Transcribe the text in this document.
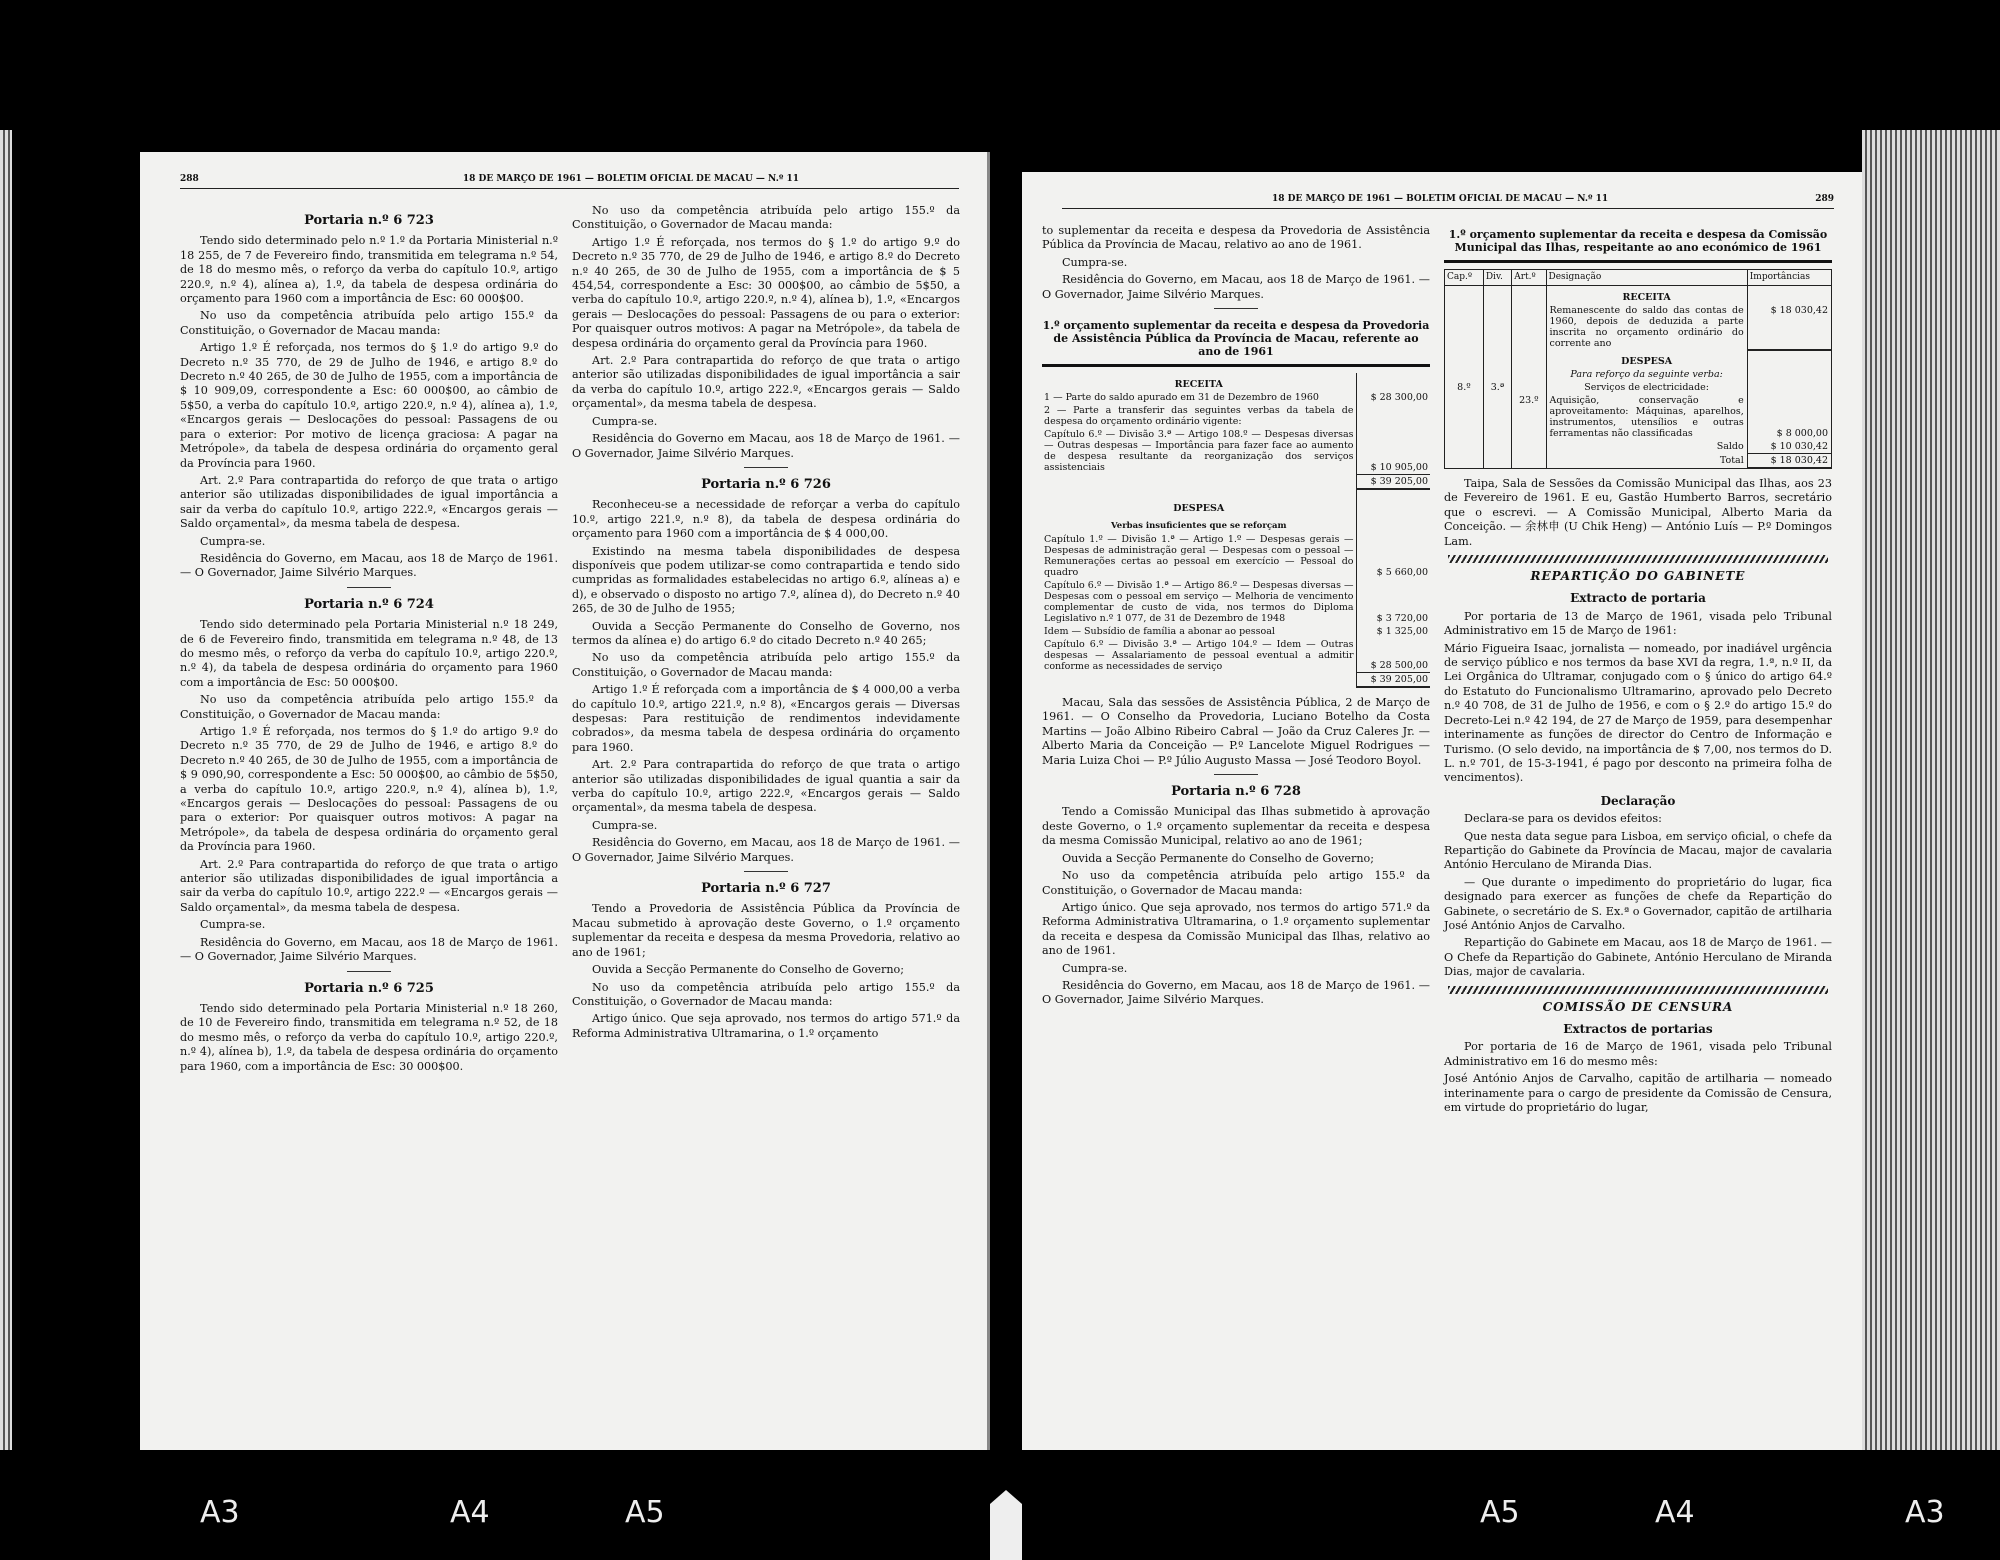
288	18 DE MARÇO DE 1961 — BOLETIM OFICIAL DE MACAU — N.º 11
Portaria n.º 6 723

Tendo sido determinado pelo n.º 1.º da Portaria Ministerial n.º 18 255, de 7 de Fevereiro findo, transmitida em telegrama n.º 54, de 18 do mesmo mês, o reforço da verba do capítulo 10.º, artigo 220.º, n.º 4), alínea a), 1.º, da tabela de despesa ordinária do orçamento para 1960 com a importância de Esc: 60 000$00.

No uso da competência atribuída pelo artigo 155.º da Constituição, o Governador de Macau manda:

Artigo 1.º É reforçada, nos termos do § 1.º do artigo 9.º do Decreto n.º 35 770, de 29 de Julho de 1946, e artigo 8.º do Decreto n.º 40 265, de 30 de Julho de 1955, com a importância de $ 10 909,09, correspondente a Esc: 60 000$00, ao câmbio de 5$50, a verba do capítulo 10.º, artigo 220.º, n.º 4), alínea a), 1.º, «Encargos gerais — Deslocações do pessoal: Passagens de ou para o exterior: Por motivo de licença graciosa: A pagar na Metrópole», da tabela de despesa ordinária do orçamento geral da Província para 1960.

Art. 2.º Para contrapartida do reforço de que trata o artigo anterior são utilizadas disponibilidades de igual importância a sair da verba do capítulo 10.º, artigo 222.º, «Encargos gerais — Saldo orçamental», da mesma tabela de despesa.

Cumpra-se.

Residência do Governo, em Macau, aos 18 de Março de 1961. — O Governador, Jaime Silvério Marques.

Portaria n.º 6 724

Tendo sido determinado pela Portaria Ministerial n.º 18 249, de 6 de Fevereiro findo, transmitida em telegrama n.º 48, de 13 do mesmo mês, o reforço da verba do capítulo 10.º, artigo 220.º, n.º 4), da tabela de despesa ordinária do orçamento para 1960 com a importância de Esc: 50 000$00.

No uso da competência atribuída pelo artigo 155.º da Constituição, o Governador de Macau manda:

Artigo 1.º É reforçada, nos termos do § 1.º do artigo 9.º do Decreto n.º 35 770, de 29 de Julho de 1946, e artigo 8.º do Decreto n.º 40 265, de 30 de Julho de 1955, com a importância de $ 9 090,90, correspondente a Esc: 50 000$00, ao câmbio de 5$50, a verba do capítulo 10.º, artigo 220.º, n.º 4), alínea b), 1.º, «Encargos gerais — Deslocações do pessoal: Passagens de ou para o exterior: Por quaisquer outros motivos: A pagar na Metrópole», da tabela de despesa ordinária do orçamento geral da Província para 1960.

Art. 2.º Para contrapartida do reforço de que trata o artigo anterior são utilizadas disponibilidades de igual importância a sair da verba do capítulo 10.º, artigo 222.º — «Encargos gerais — Saldo orçamental», da mesma tabela de despesa.

Cumpra-se.

Residência do Governo, em Macau, aos 18 de Março de 1961. — O Governador, Jaime Silvério Marques.

Portaria n.º 6 725

Tendo sido determinado pela Portaria Ministerial n.º 18 260, de 10 de Fevereiro findo, transmitida em telegrama n.º 52, de 18 do mesmo mês, o reforço da verba do capítulo 10.º, artigo 220.º, n.º 4), alínea b), 1.º, da tabela de despesa ordinária do orçamento para 1960, com a importância de Esc: 30 000$00.

No uso da competência atribuída pelo artigo 155.º da Constituição, o Governador de Macau manda:

Artigo 1.º É reforçada, nos termos do § 1.º do artigo 9.º do Decreto n.º 35 770, de 29 de Julho de 1946, e artigo 8.º do Decreto n.º 40 265, de 30 de Julho de 1955, com a importância de $ 5 454,54, correspondente a Esc: 30 000$00, ao câmbio de 5$50, a verba do capítulo 10.º, artigo 220.º, n.º 4), alínea b), 1.º, «Encargos gerais — Deslocações do pessoal: Passagens de ou para o exterior: Por quaisquer outros motivos: A pagar na Metrópole», da tabela de despesa ordinária do orçamento geral da Província para 1960.

Art. 2.º Para contrapartida do reforço de que trata o artigo anterior são utilizadas disponibilidades de igual importância a sair da verba do capítulo 10.º, artigo 222.º, «Encargos gerais — Saldo orçamental», da mesma tabela de despesa.

Cumpra-se.

Residência do Governo em Macau, aos 18 de Março de 1961. — O Governador, Jaime Silvério Marques.

Portaria n.º 6 726

Reconheceu-se a necessidade de reforçar a verba do capítulo 10.º, artigo 221.º, n.º 8), da tabela de despesa ordinária do orçamento para 1960 com a importância de $ 4 000,00.

Existindo na mesma tabela disponibilidades de despesa disponíveis que podem utilizar-se como contrapartida e tendo sido cumpridas as formalidades estabelecidas no artigo 6.º, alíneas a) e d), e observado o disposto no artigo 7.º, alínea d), do Decreto n.º 40 265, de 30 de Julho de 1955;

Ouvida a Secção Permanente do Conselho de Governo, nos termos da alínea e) do artigo 6.º do citado Decreto n.º 40 265;

No uso da competência atribuída pelo artigo 155.º da Constituição, o Governador de Macau manda:

Artigo 1.º É reforçada com a importância de $ 4 000,00 a verba do capítulo 10.º, artigo 221.º, n.º 8), «Encargos gerais — Diversas despesas: Para restituição de rendimentos indevidamente cobrados», da mesma tabela de despesa ordinária do orçamento para 1960.

Art. 2.º Para contrapartida do reforço de que trata o artigo anterior são utilizadas disponibilidades de igual quantia a sair da verba do capítulo 10.º, artigo 222.º, «Encargos gerais — Saldo orçamental», da mesma tabela de despesa.

Cumpra-se.

Residência do Governo, em Macau, aos 18 de Março de 1961. — O Governador, Jaime Silvério Marques.

Portaria n.º 6 727

Tendo a Provedoria de Assistência Pública da Província de Macau submetido à aprovação deste Governo, o 1.º orçamento suplementar da receita e despesa da mesma Provedoria, relativo ao ano de 1961;

Ouvida a Secção Permanente do Conselho de Governo;

No uso da competência atribuída pelo artigo 155.º da Constituição, o Governador de Macau manda:

Artigo único. Que seja aprovado, nos termos do artigo 571.º da Reforma Administrativa Ultramarina, o 1.º orçamento

18 DE MARÇO DE 1961 — BOLETIM OFICIAL DE MACAU — N.º 11	289

to suplementar da receita e despesa da Provedoria de Assistência Pública da Província de Macau, relativo ao ano de 1961.

Cumpra-se.

Residência do Governo, em Macau, aos 18 de Março de 1961. — O Governador, Jaime Silvério Marques.

1.º orçamento suplementar da receita e despesa da Provedoria de Assistência Pública da Província de Macau, referente ao ano de 1961
RECEITA	
1 — Parte do saldo apurado em 31 de Dezembro de 1960	$ 28 300,00
2 — Parte a transferir das seguintes verbas da tabela de despesa do orçamento ordinário vigente:	
Capítulo 6.º — Divisão 3.ª — Artigo 108.º — Despesas diversas — Outras despesas — Importância para fazer face ao aumento de despesa resultante da reorganização dos serviços assistenciais	$ 10 905,00
	$ 39 205,00
DESPESA	
Verbas insuficientes que se reforçam	
Capítulo 1.º — Divisão 1.ª — Artigo 1.º — Despesas gerais — Despesas de administração geral — Despesas com o pessoal — Remunerações certas ao pessoal em exercício — Pessoal do quadro	$ 5 660,00
Capítulo 6.º — Divisão 1.ª — Artigo 86.º — Despesas diversas — Despesas com o pessoal em serviço — Melhoria de vencimento complementar de custo de vida, nos termos do Diploma Legislativo n.º 1 077, de 31 de Dezembro de 1948	$ 3 720,00
Idem — Subsídio de família a abonar ao pessoal	$ 1 325,00
Capítulo 6.º — Divisão 3.ª — Artigo 104.º — Idem — Outras despesas — Assalariamento de pessoal eventual a admitir conforme as necessidades de serviço	$ 28 500,00
	$ 39 205,00

Macau, Sala das sessões de Assistência Pública, 2 de Março de 1961. — O Conselho da Provedoria, Luciano Botelho da Costa Martins — João Albino Ribeiro Cabral — João da Cruz Caleres Jr. — Alberto Maria da Conceição — P.º Lancelote Miguel Rodrigues — Maria Luiza Choi — P.º Júlio Augusto Massa — José Teodoro Boyol.

Portaria n.º 6 728

Tendo a Comissão Municipal das Ilhas submetido à aprovação deste Governo, o 1.º orçamento suplementar da receita e despesa da mesma Comissão Municipal, relativo ao ano de 1961;

Ouvida a Secção Permanente do Conselho de Governo;

No uso da competência atribuída pelo artigo 155.º da Constituição, o Governador de Macau manda:

Artigo único. Que seja aprovado, nos termos do artigo 571.º da Reforma Administrativa Ultramarina, o 1.º orçamento suplementar da receita e despesa da Comissão Municipal das Ilhas, relativo ao ano de 1961.

Cumpra-se.

Residência do Governo, em Macau, aos 18 de Março de 1961. — O Governador, Jaime Silvério Marques.

1.º orçamento suplementar da receita e despesa da Comissão Municipal das Ilhas, respeitante ao ano económico de 1961
Cap.º	Div.	Art.º	Designação	Importâncias
			RECEITA	
			Remanescente do saldo das contas de 1960, depois de deduzida a parte inscrita no orçamento ordinário do corrente ano	$ 18 030,42
			DESPESA	
			Para reforço da seguinte verba:	
8.º	3.ª		Serviços de electricidade:	
		23.º	Aquisição, conservação e aproveitamento: Máquinas, aparelhos, instrumentos, utensílios e outras ferramentas não classificadas	$ 8 000,00
			Saldo	$ 10 030,42
			Total	$ 18 030,42

Taipa, Sala de Sessões da Comissão Municipal das Ilhas, aos 23 de Fevereiro de 1961. E eu, Gastão Humberto Barros, secretário que o escrevi. — A Comissão Municipal, Alberto Maria da Conceição. — 余林申 (U Chik Heng) — António Luís — P.º Domingos Lam.

REPARTIÇÃO DO GABINETE
Extracto de portaria

Por portaria de 13 de Março de 1961, visada pelo Tribunal Administrativo em 15 de Março de 1961:

Mário Figueira Isaac, jornalista — nomeado, por inadiável urgência de serviço público e nos termos da base XVI da regra, 1.ª, n.º II, da Lei Orgânica do Ultramar, conjugado com o § único do artigo 64.º do Estatuto do Funcionalismo Ultramarino, aprovado pelo Decreto n.º 40 708, de 31 de Julho de 1956, e com o § 2.º do artigo 15.º do Decreto-Lei n.º 42 194, de 27 de Março de 1959, para desempenhar interinamente as funções de director do Centro de Informação e Turismo. (O selo devido, na importância de $ 7,00, nos termos do D. L. n.º 701, de 15-3-1941, é pago por desconto na primeira folha de vencimentos).

Declaração

Declara-se para os devidos efeitos:

Que nesta data segue para Lisboa, em serviço oficial, o chefe da Repartição do Gabinete da Província de Macau, major de cavalaria António Herculano de Miranda Dias.

— Que durante o impedimento do proprietário do lugar, fica designado para exercer as funções de chefe da Repartição do Gabinete, o secretário de S. Ex.ª o Governador, capitão de artilharia José António Anjos de Carvalho.

Repartição do Gabinete em Macau, aos 18 de Março de 1961. — O Chefe da Repartição do Gabinete, António Herculano de Miranda Dias, major de cavalaria.

COMISSÃO DE CENSURA
Extractos de portarias

Por portaria de 16 de Março de 1961, visada pelo Tribunal Administrativo em 16 do mesmo mês:

José António Anjos de Carvalho, capitão de artilharia — nomeado interinamente para o cargo de presidente da Comissão de Censura, em virtude do proprietário do lugar,

A3	A4	A5	A5	A4	A3
